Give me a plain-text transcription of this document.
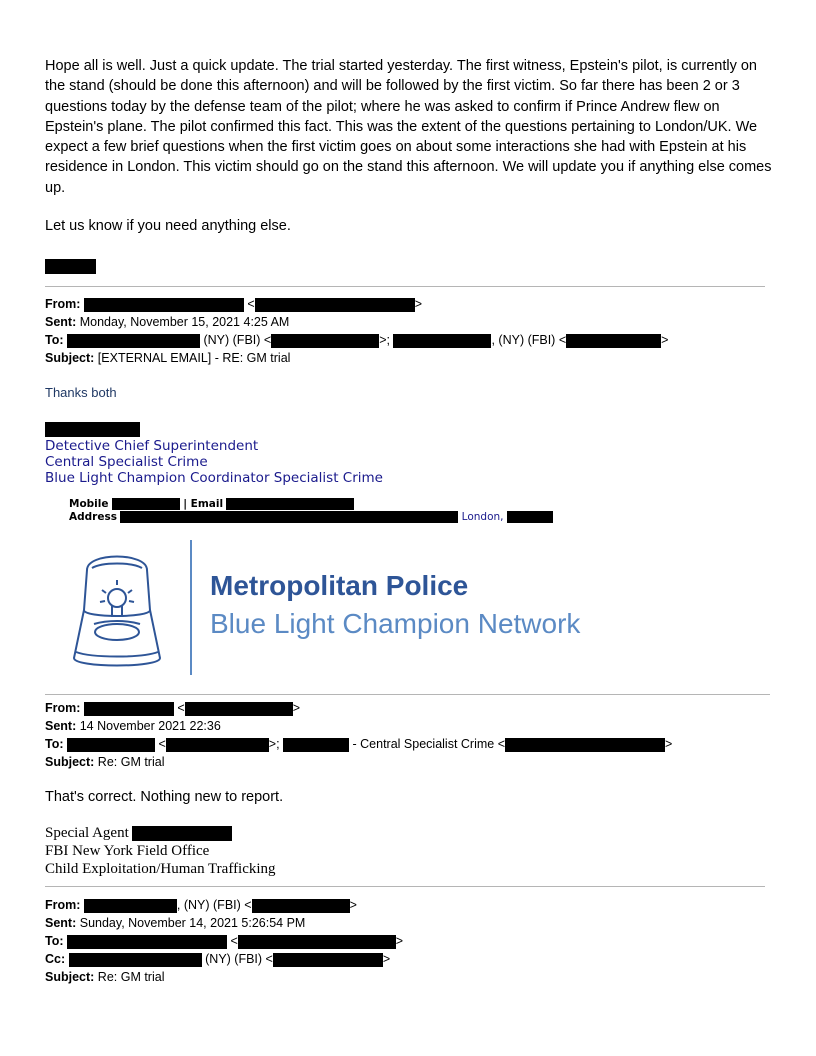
Hope all is well. Just a quick update. The trial started yesterday. The first witness, Epstein's pilot, is currently on the stand (should be done this afternoon) and will be followed by the first victim. So far there has been 2 or 3 questions today by the defense team of the pilot; where he was asked to confirm if Prince Andrew flew on Epstein's plane. The pilot confirmed this fact. This was the extent of the questions pertaining to London/UK. We expect a few brief questions when the first victim goes on about some interactions she had with Epstein at his residence in London. This victim should go on the stand this afternoon. We will update you if anything else comes up.
Let us know if you need anything else.
From:	<	>
Sent: Monday, November 15, 2021 4:25 AM
To:	(NY) (FBI) <	>;	, (NY) (FBI) <	>
Subject: [EXTERNAL EMAIL] - RE: GM trial
Thanks both
Detective Chief Superintendent
Central Specialist Crime
Blue Light Champion Coordinator Specialist Crime
Mobile	| Email
Address	London,
Metropolitan Police
Blue Light Champion Network
From:	<	>
Sent: 14 November 2021 22:36
To:	<	>;	- Central Specialist Crime <	>
Subject: Re: GM trial
That's correct. Nothing new to report.
Special Agent
FBI New York Field Office
Child Exploitation/Human Trafficking
From:	, (NY) (FBI) <	>
Sent: Sunday, November 14, 2021 5:26:54 PM
To:	<	>
Cc:	(NY) (FBI) <	>
Subject: Re: GM trial
